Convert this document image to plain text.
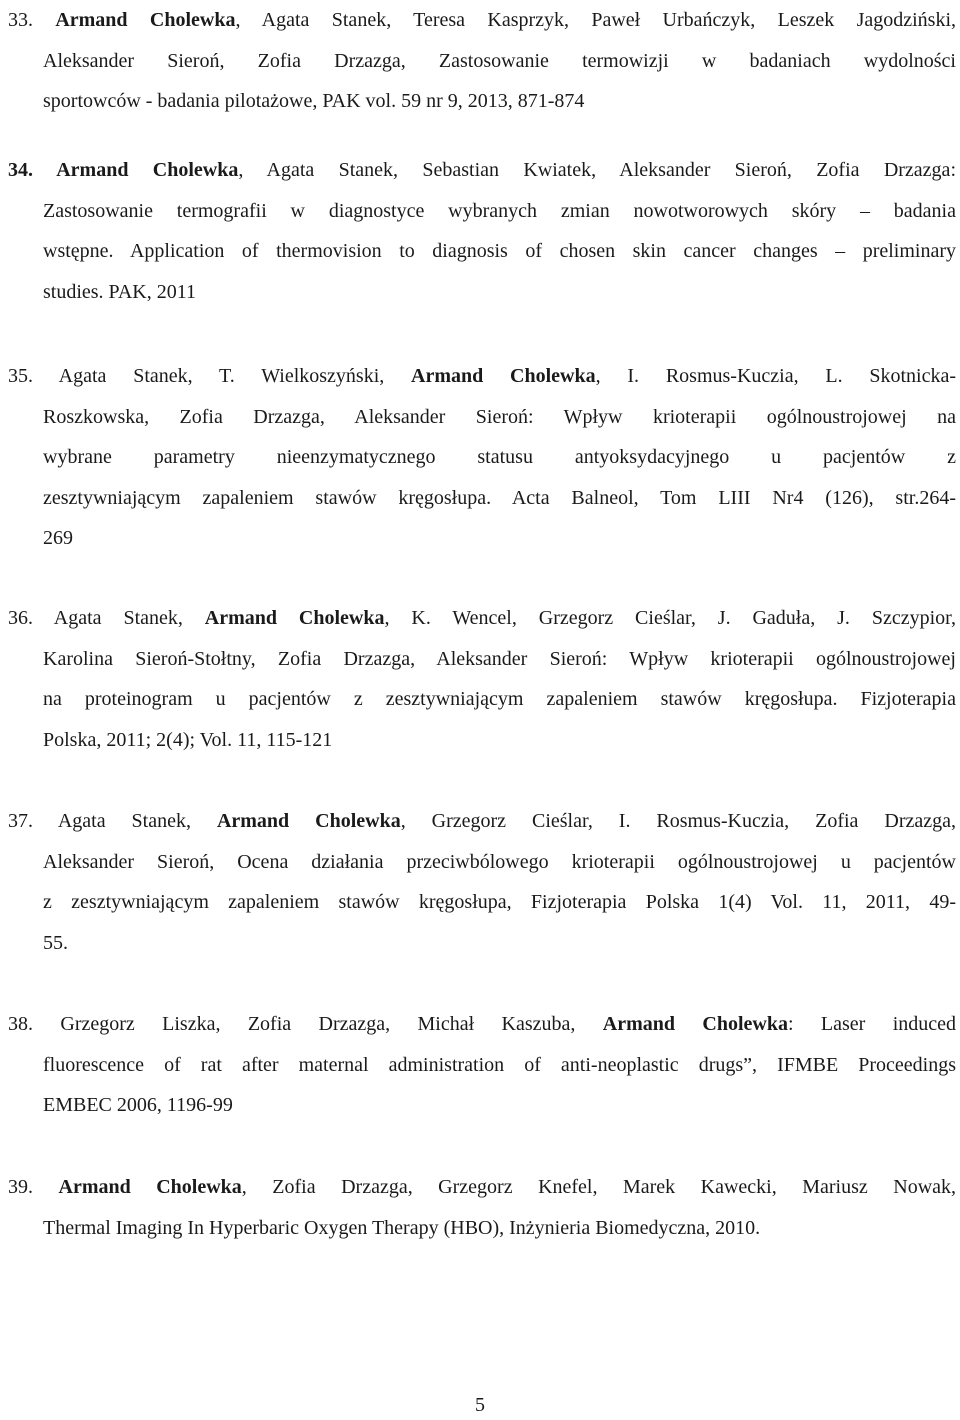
33. Armand Cholewka, Agata Stanek, Teresa Kasprzyk, Paweł Urbańczyk, Leszek Jagodziński,
Aleksander Sieroń, Zofia Drzazga, Zastosowanie termowizji w badaniach wydolności
sportowców - badania pilotażowe, PAK vol. 59 nr 9, 2013, 871-874
34. Armand Cholewka, Agata Stanek, Sebastian Kwiatek, Aleksander Sieroń, Zofia Drzazga:
Zastosowanie termografii w diagnostyce wybranych zmian nowotworowych skóry – badania
wstępne. Application of thermovision to diagnosis of chosen skin cancer changes – preliminary
studies. PAK, 2011
35. Agata Stanek, T. Wielkoszyński, Armand Cholewka, I. Rosmus-Kuczia, L. Skotnicka-
Roszkowska, Zofia Drzazga, Aleksander Sieroń: Wpływ krioterapii ogólnoustrojowej na
wybrane parametry nieenzymatycznego statusu antyoksydacyjnego u pacjentów z
zesztywniającym zapaleniem stawów kręgosłupa. Acta Balneol, Tom LIII Nr4 (126), str.264-
269
36. Agata Stanek, Armand Cholewka, K. Wencel, Grzegorz Cieślar, J. Gaduła, J. Szczypior,
Karolina Sieroń-Stołtny, Zofia Drzazga, Aleksander Sieroń: Wpływ krioterapii ogólnoustrojowej
na proteinogram u pacjentów z zesztywniającym zapaleniem stawów kręgosłupa. Fizjoterapia
Polska, 2011; 2(4); Vol. 11, 115-121
37. Agata Stanek, Armand Cholewka, Grzegorz Cieślar, I. Rosmus-Kuczia, Zofia Drzazga,
Aleksander Sieroń, Ocena działania przeciwbólowego krioterapii ogólnoustrojowej u pacjentów
z zesztywniającym zapaleniem stawów kręgosłupa, Fizjoterapia Polska 1(4) Vol. 11, 2011, 49-
55.
38. Grzegorz Liszka, Zofia Drzazga, Michał Kaszuba, Armand Cholewka: Laser induced
fluorescence of rat after maternal administration of anti-neoplastic drugs”, IFMBE Proceedings
EMBEC 2006, 1196-99
39. Armand Cholewka, Zofia Drzazga, Grzegorz Knefel, Marek Kawecki, Mariusz Nowak,
Thermal Imaging In Hyperbaric Oxygen Therapy (HBO), Inżynieria Biomedyczna, 2010.
5
